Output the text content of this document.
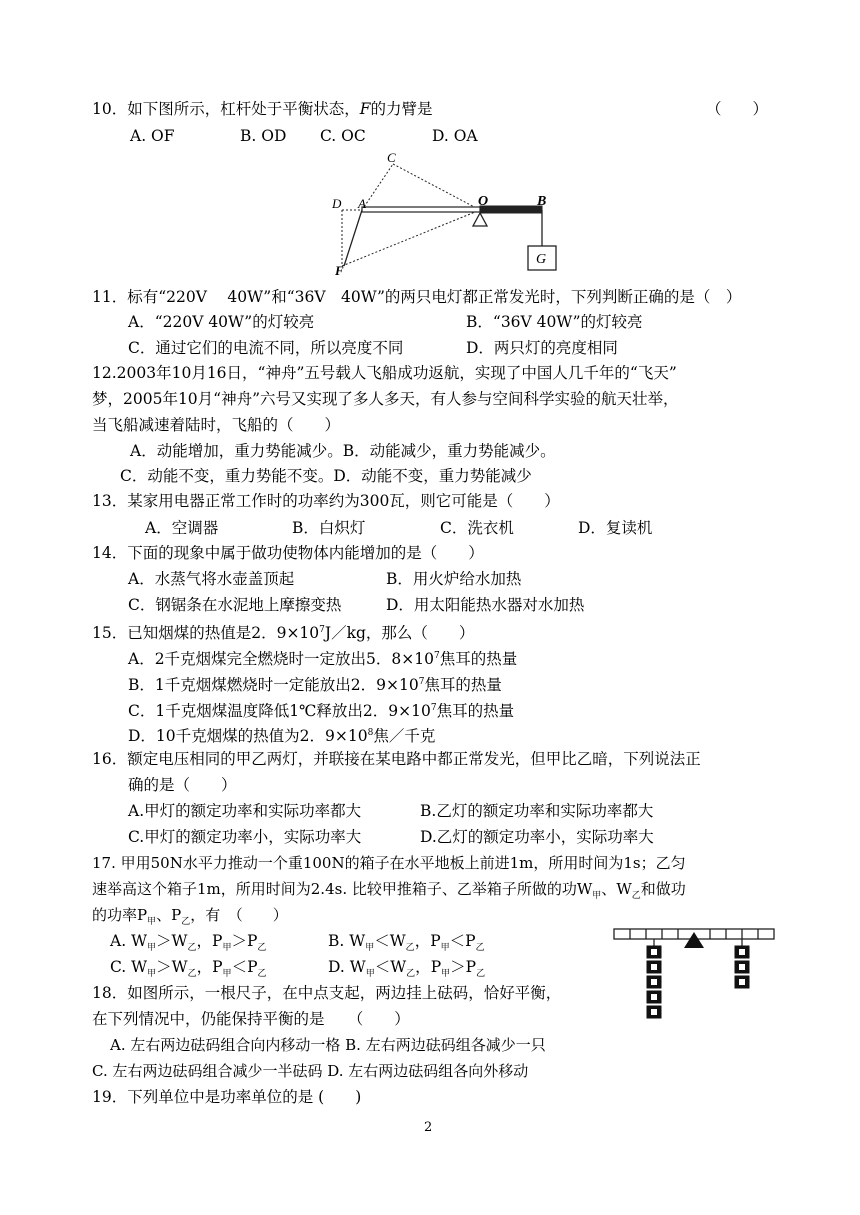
10．如下图所示，杠杆处于平衡状态，F的力臂是	（　　）
A. OF	B. OD C. OC	D. OA
C
D A	O	B
F
G
11．标有“220V　 40W”和“36V　40W”的两只电灯都正常发光时，下列判断正确的是（　）
A．“220V 40W”的灯较亮	B．“36V 40W”的灯较亮
C．通过它们的电流不同，所以亮度不同	D．两只灯的亮度相同
12.2003年10月16日，“神舟”五号载人飞船成功返航，实现了中国人几千年的“飞天”
梦，2005年10月“神舟”六号又实现了多人多天，有人参与空间科学实验的航天壮举，
当飞船减速着陆时，飞船的（　　）
A．动能增加，重力势能减少。B．动能减少，重力势能减少。
C．动能不变，重力势能不变。D．动能不变，重力势能减少
13．某家用电器正常工作时的功率约为300瓦，则它可能是（　　）
A．空调器	B．白炽灯	C．洗衣机	D．复读机
14．下面的现象中属于做功使物体内能增加的是（　　）
A．水蒸气将水壶盖顶起	B．用火炉给水加热
C．钢锯条在水泥地上摩擦变热	D．用太阳能热水器对水加热
15．已知烟煤的热值是2．$9\times 10^7J/kg$，那么（　　）
A．2千克烟煤完全燃烧时一定放出5．$8\times 10^7$焦耳的热量
B．1千克烟煤燃烧时一定能放出2．$9\times 10^7$焦耳的热量
C．1千克烟煤温度降低1℃释放出2．$9\times 10^7$焦耳的热量
D．10千克烟煤的热值为2．$9\times 10^8$焦／千克
16．额定电压相同的甲乙两灯，并联接在某电路中都正常发光，但甲比乙暗，下列说法正
确的是（　　）
A.甲灯的额定功率和实际功率都大	B.乙灯的额定功率和实际功率都大
C.甲灯的额定功率小，实际功率大	D.乙灯的额定功率小，实际功率大
17. 甲用50N水平力推动一个重100N的箱子在水平地板上前进1m，所用时间为1s；乙匀
速举高这个箱子1m，所用时间为2.4s. 比较甲推箱子、乙举箱子所做的功$W_甲$、$W_乙$和做功
的功率$P_甲$、$P_乙$，有　（　　）
A. $W_甲>W_乙$，$P_甲>P_乙$	B. $W_甲<W_乙$，$P_甲<P_乙$
C. $W_甲>W_乙$，$P_甲<P_乙$	D. $W_甲<W_乙$，$P_甲>P_乙$
18．如图所示，一根尺子，在中点支起，两边挂上砝码，恰好平衡，
在下列情况中，仍能保持平衡的是　　（　　）
A. 左右两边砝码组合向内移动一格 B. 左右两边砝码组各减少一只
C. 左右两边砝码组合减少一半砝码 D. 左右两边砝码组各向外移动
19．下列单位中是功率单位的是 (　　)
2
